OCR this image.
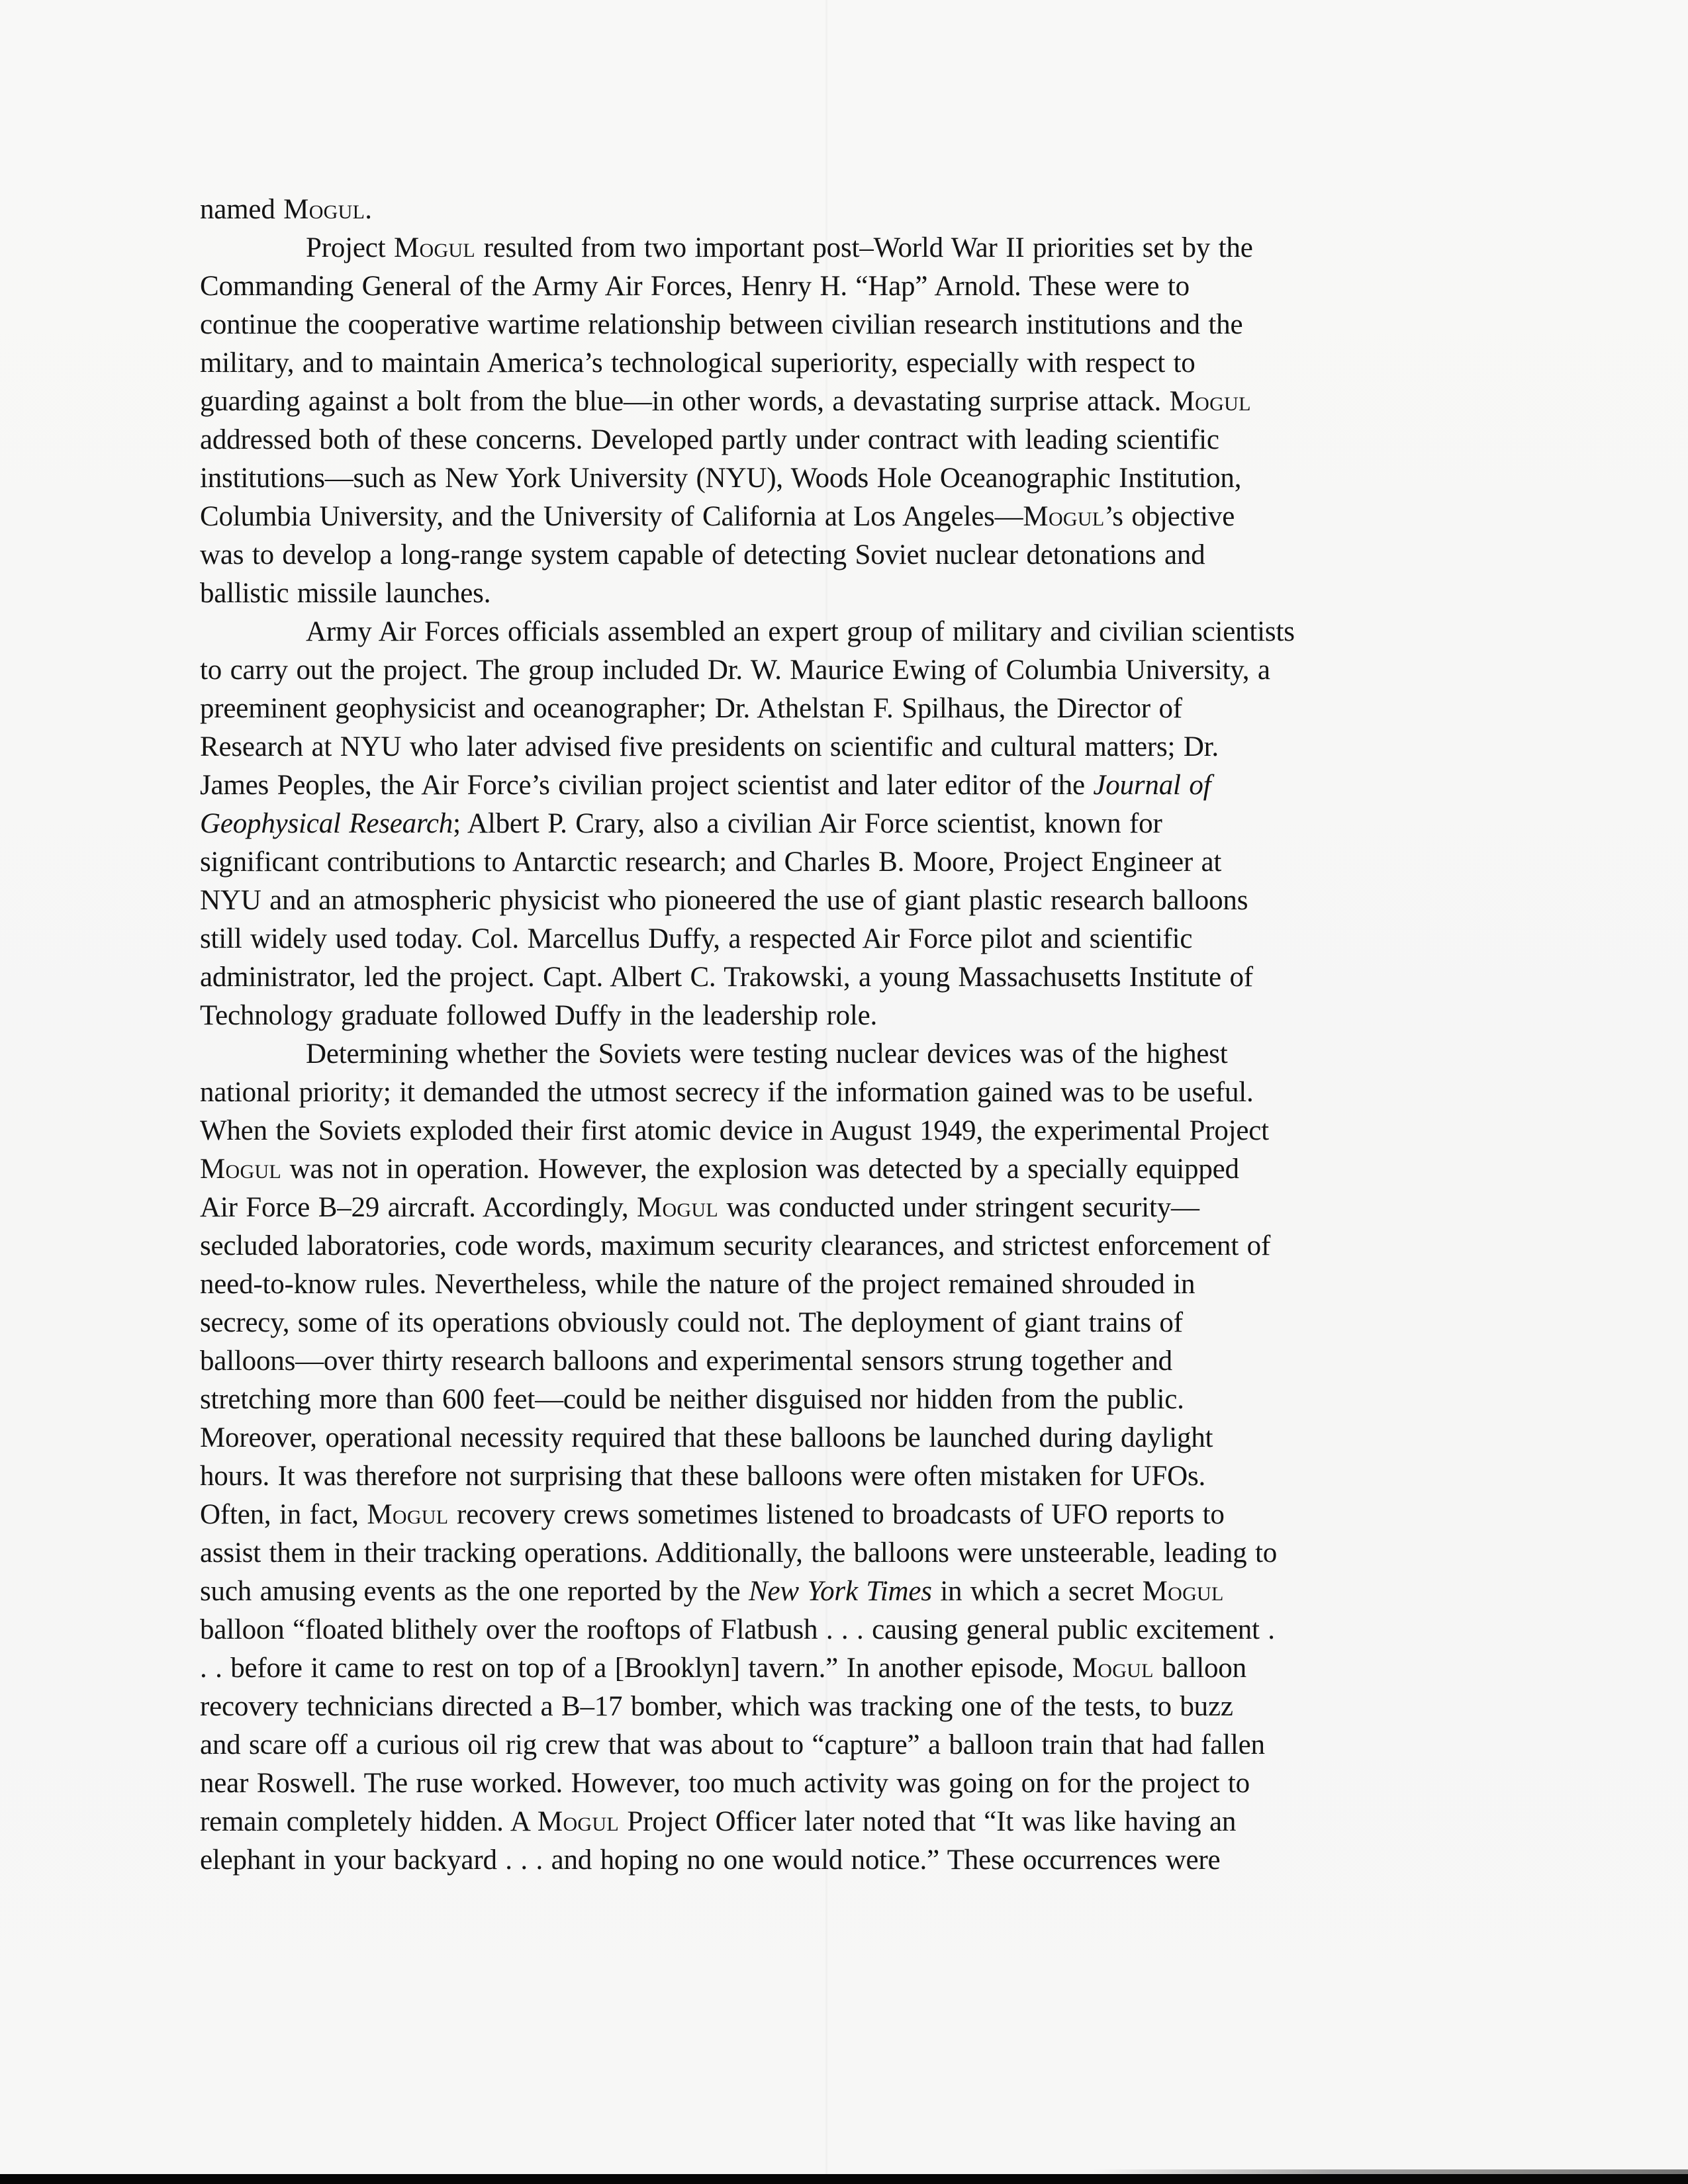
named Mogul.
Project Mogul resulted from two important post–World War II priorities set by the
Commanding General of the Army Air Forces, Henry H. “Hap” Arnold. These were to
continue the cooperative wartime relationship between civilian research institutions and the
military, and to maintain America’s technological superiority, especially with respect to
guarding against a bolt from the blue—in other words, a devastating surprise attack. Mogul
addressed both of these concerns. Developed partly under contract with leading scientific
institutions—such as New York University (NYU), Woods Hole Oceanographic Institution,
Columbia University, and the University of California at Los Angeles—Mogul’s objective
was to develop a long-range system capable of detecting Soviet nuclear detonations and
ballistic missile launches.
Army Air Forces officials assembled an expert group of military and civilian scientists
to carry out the project. The group included Dr. W. Maurice Ewing of Columbia University, a
preeminent geophysicist and oceanographer; Dr. Athelstan F. Spilhaus, the Director of
Research at NYU who later advised five presidents on scientific and cultural matters; Dr.
James Peoples, the Air Force’s civilian project scientist and later editor of the Journal of
Geophysical Research; Albert P. Crary, also a civilian Air Force scientist, known for
significant contributions to Antarctic research; and Charles B. Moore, Project Engineer at
NYU and an atmospheric physicist who pioneered the use of giant plastic research balloons
still widely used today. Col. Marcellus Duffy, a respected Air Force pilot and scientific
administrator, led the project. Capt. Albert C. Trakowski, a young Massachusetts Institute of
Technology graduate followed Duffy in the leadership role.
Determining whether the Soviets were testing nuclear devices was of the highest
national priority; it demanded the utmost secrecy if the information gained was to be useful.
When the Soviets exploded their first atomic device in August 1949, the experimental Project
Mogul was not in operation. However, the explosion was detected by a specially equipped
Air Force B–29 aircraft. Accordingly, Mogul was conducted under stringent security—
secluded laboratories, code words, maximum security clearances, and strictest enforcement of
need-to-know rules. Nevertheless, while the nature of the project remained shrouded in
secrecy, some of its operations obviously could not. The deployment of giant trains of
balloons—over thirty research balloons and experimental sensors strung together and
stretching more than 600 feet—could be neither disguised nor hidden from the public.
Moreover, operational necessity required that these balloons be launched during daylight
hours. It was therefore not surprising that these balloons were often mistaken for UFOs.
Often, in fact, Mogul recovery crews sometimes listened to broadcasts of UFO reports to
assist them in their tracking operations. Additionally, the balloons were unsteerable, leading to
such amusing events as the one reported by the New York Times in which a secret Mogul
balloon “floated blithely over the rooftops of Flatbush . . . causing general public excitement .
. . before it came to rest on top of a [Brooklyn] tavern.” In another episode, Mogul balloon
recovery technicians directed a B–17 bomber, which was tracking one of the tests, to buzz
and scare off a curious oil rig crew that was about to “capture” a balloon train that had fallen
near Roswell. The ruse worked. However, too much activity was going on for the project to
remain completely hidden. A Mogul Project Officer later noted that “It was like having an
elephant in your backyard . . . and hoping no one would notice.” These occurrences were
